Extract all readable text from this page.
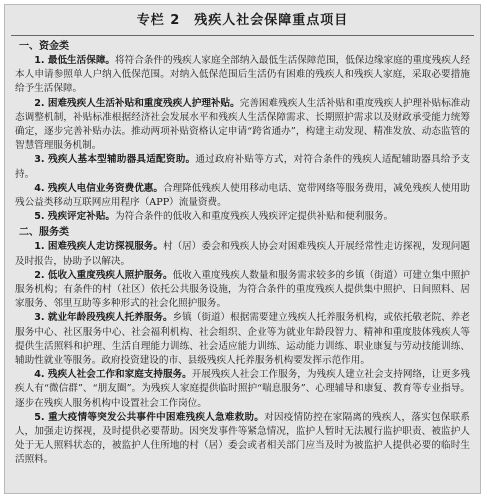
专栏 2 残疾人社会保障重点项目
一、资金类

1. 最低生活保障。将符合条件的残疾人家庭全部纳入最低生活保障范围，低保边缘家庭的重度残疾人经本人申请参照单人户纳入低保范围。对纳入低保范围后生活仍有困难的残疾人和残疾人家庭，采取必要措施给予生活保障。

2. 困难残疾人生活补贴和重度残疾人护理补贴。完善困难残疾人生活补贴和重度残疾人护理补贴标准动态调整机制，补贴标准根据经济社会发展水平和残疾人生活保障需求、长期照护需求以及财政承受能力统筹确定，逐步完善补贴办法。推动两项补贴资格认定申请“跨省通办”，构建主动发现、精准发放、动态监管的智慧管理服务机制。

3. 残疾人基本型辅助器具适配资助。通过政府补贴等方式，对符合条件的残疾人适配辅助器具给予支持。

4. 残疾人电信业务资费优惠。合理降低残疾人使用移动电话、宽带网络等服务费用，减免残疾人使用助残公益类移动互联网应用程序（APP）流量资费。

5. 残疾评定补贴。为符合条件的低收入和重度残疾人残疾评定提供补贴和便利服务。

二、服务类

1. 困难残疾人走访探视服务。村（居）委会和残疾人协会对困难残疾人开展经常性走访探视，发现问题及时报告，协助予以解决。

2. 低收入重度残疾人照护服务。低收入重度残疾人数量和服务需求较多的乡镇（街道）可建立集中照护服务机构；有条件的村（社区）依托公共服务设施，为符合条件的重度残疾人提供集中照护、日间照料、居家服务、邻里互助等多种形式的社会化照护服务。

3. 就业年龄段残疾人托养服务。乡镇（街道）根据需要建立残疾人托养服务机构，或依托敬老院、养老服务中心、社区服务中心、社会福利机构、社会组织、企业等为就业年龄段智力、精神和重度肢体残疾人等提供生活照料和护理、生活自理能力训练、社会适应能力训练、运动能力训练、职业康复与劳动技能训练、辅助性就业等服务。政府投资建设的市、县级残疾人托养服务机构要发挥示范作用。

4. 残疾人社会工作和家庭支持服务。开展残疾人社会工作服务，为残疾人建立社会支持网络，让更多残疾人有“微信群”、“朋友圈”。为残疾人家庭提供临时照护“喘息服务”、心理辅导和康复、教育等专业指导。逐步在残疾人服务机构中设置社会工作岗位。

5. 重大疫情等突发公共事件中困难残疾人急难救助。对因疫情防控在家隔离的残疾人，落实包保联系人，加强走访探视，及时提供必要帮助。因突发事件等紧急情况，监护人暂时无法履行监护职责、被监护人处于无人照料状态的，被监护人住所地的村（居）委会或者相关部门应当及时为被监护人提供必要的临时生活照料。
